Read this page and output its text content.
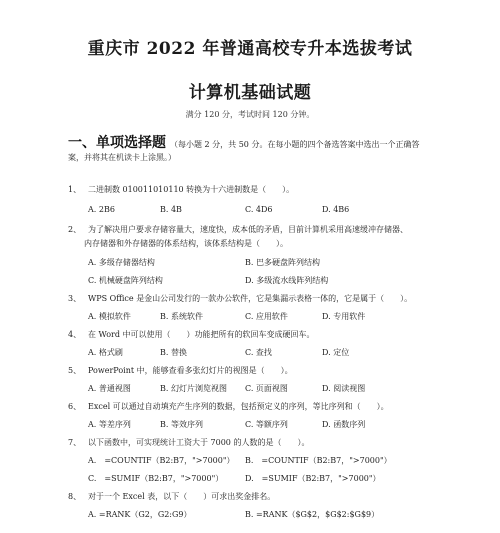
重庆市 2022 年普通高校专升本选拔考试
计算机基础试题
满分 120 分，考试时间 120 分钟。
一、单项选择题 （每小题 2 分，共 50 分。在每小题的四个备选答案中选出一个正确答
案，并将其在机读卡上涂黑。）
1、 二进制数 010011010110 转换为十六进制数是（　　）。
A. 2B6	B. 4B	C. 4D6	D. 4B6
2、 为了解决用户要求存储容量大，速度快，成本低的矛盾，目前计算机采用高速缓冲存储器、
内存储器和外存储器的体系结构，该体系结构是（　　）。
A. 多级存储器结构	B. 巴多硬盘阵列结构
C. 机械硬盘阵列结构	D. 多级流水线阵列结构
3、 WPS Office 是金山公司发行的一款办公软件，它是集漏示表格一体的，它是属于（　　）。
A. 模拟软件	B. 系统软件	C. 应用软件	D. 专用软件
4、 在 Word 中可以使用（　　）功能把所有的软回车变成硬回车。
A. 格式刷	B. 替换	C. 查找	D. 定位
5、 PowerPoint 中，能够查看多张幻灯片的视图是（　　）。
A. 普通视图	B. 幻灯片浏览视图 C. 页面视图	D. 阅读视图
6、 Excel 可以通过自动填充产生序列的数据，包括预定义的序列，等比序列和（　　）。
A. 等差序列	B. 等效序列	C. 等额序列	D. 函数序列
7、 以下函数中，可实现统计工资大于 7000 的人数的是（　　）。
A.　=COUNTIF（B2:B7，">7000"） B.　=COUNTIF（B2:B7，">7000"）
C.　=SUMIF（B2:B7，">7000"）	D.　=SUMIF（B2:B7，">7000"）
8、 对于一个 Excel 表，以下（　　）可求出奖金排名。
A. =RANK（G2，G2:G9）	B. =RANK（$G$2，$G$2:$G$9）
